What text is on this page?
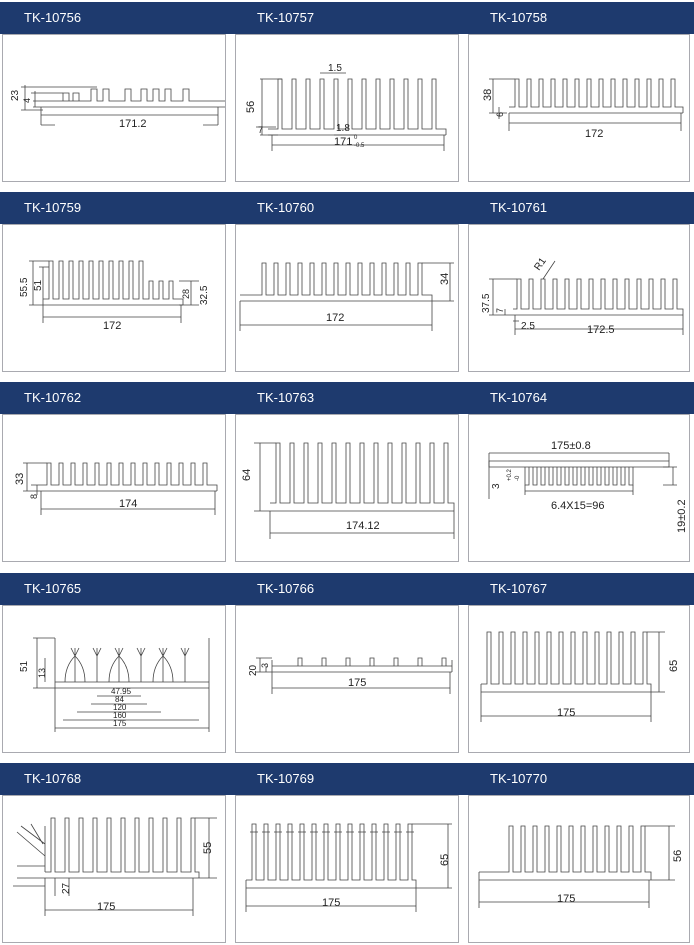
TK-10756
23 4
171.2
TK-10757
56
1.5
7	1.8
171 0
-0.5
TK-10758
38
6
172
TK-10759
55.5 51
28 32.5
172
TK-10760
34
172
TK-10761
R1
37.5 7
2.5	172.5
TK-10762
33
8
174
TK-10763
64
174.12
TK-10764
175±0.8
3
+0.2 -0
6.4X15=96	19±0.2
TK-10765
51
13
47.95
84
120
160
175
TK-10766
20 3
175
TK-10767
65
175
TK-10768
55
27
175
TK-10769
65
175
TK-10770
56
175
